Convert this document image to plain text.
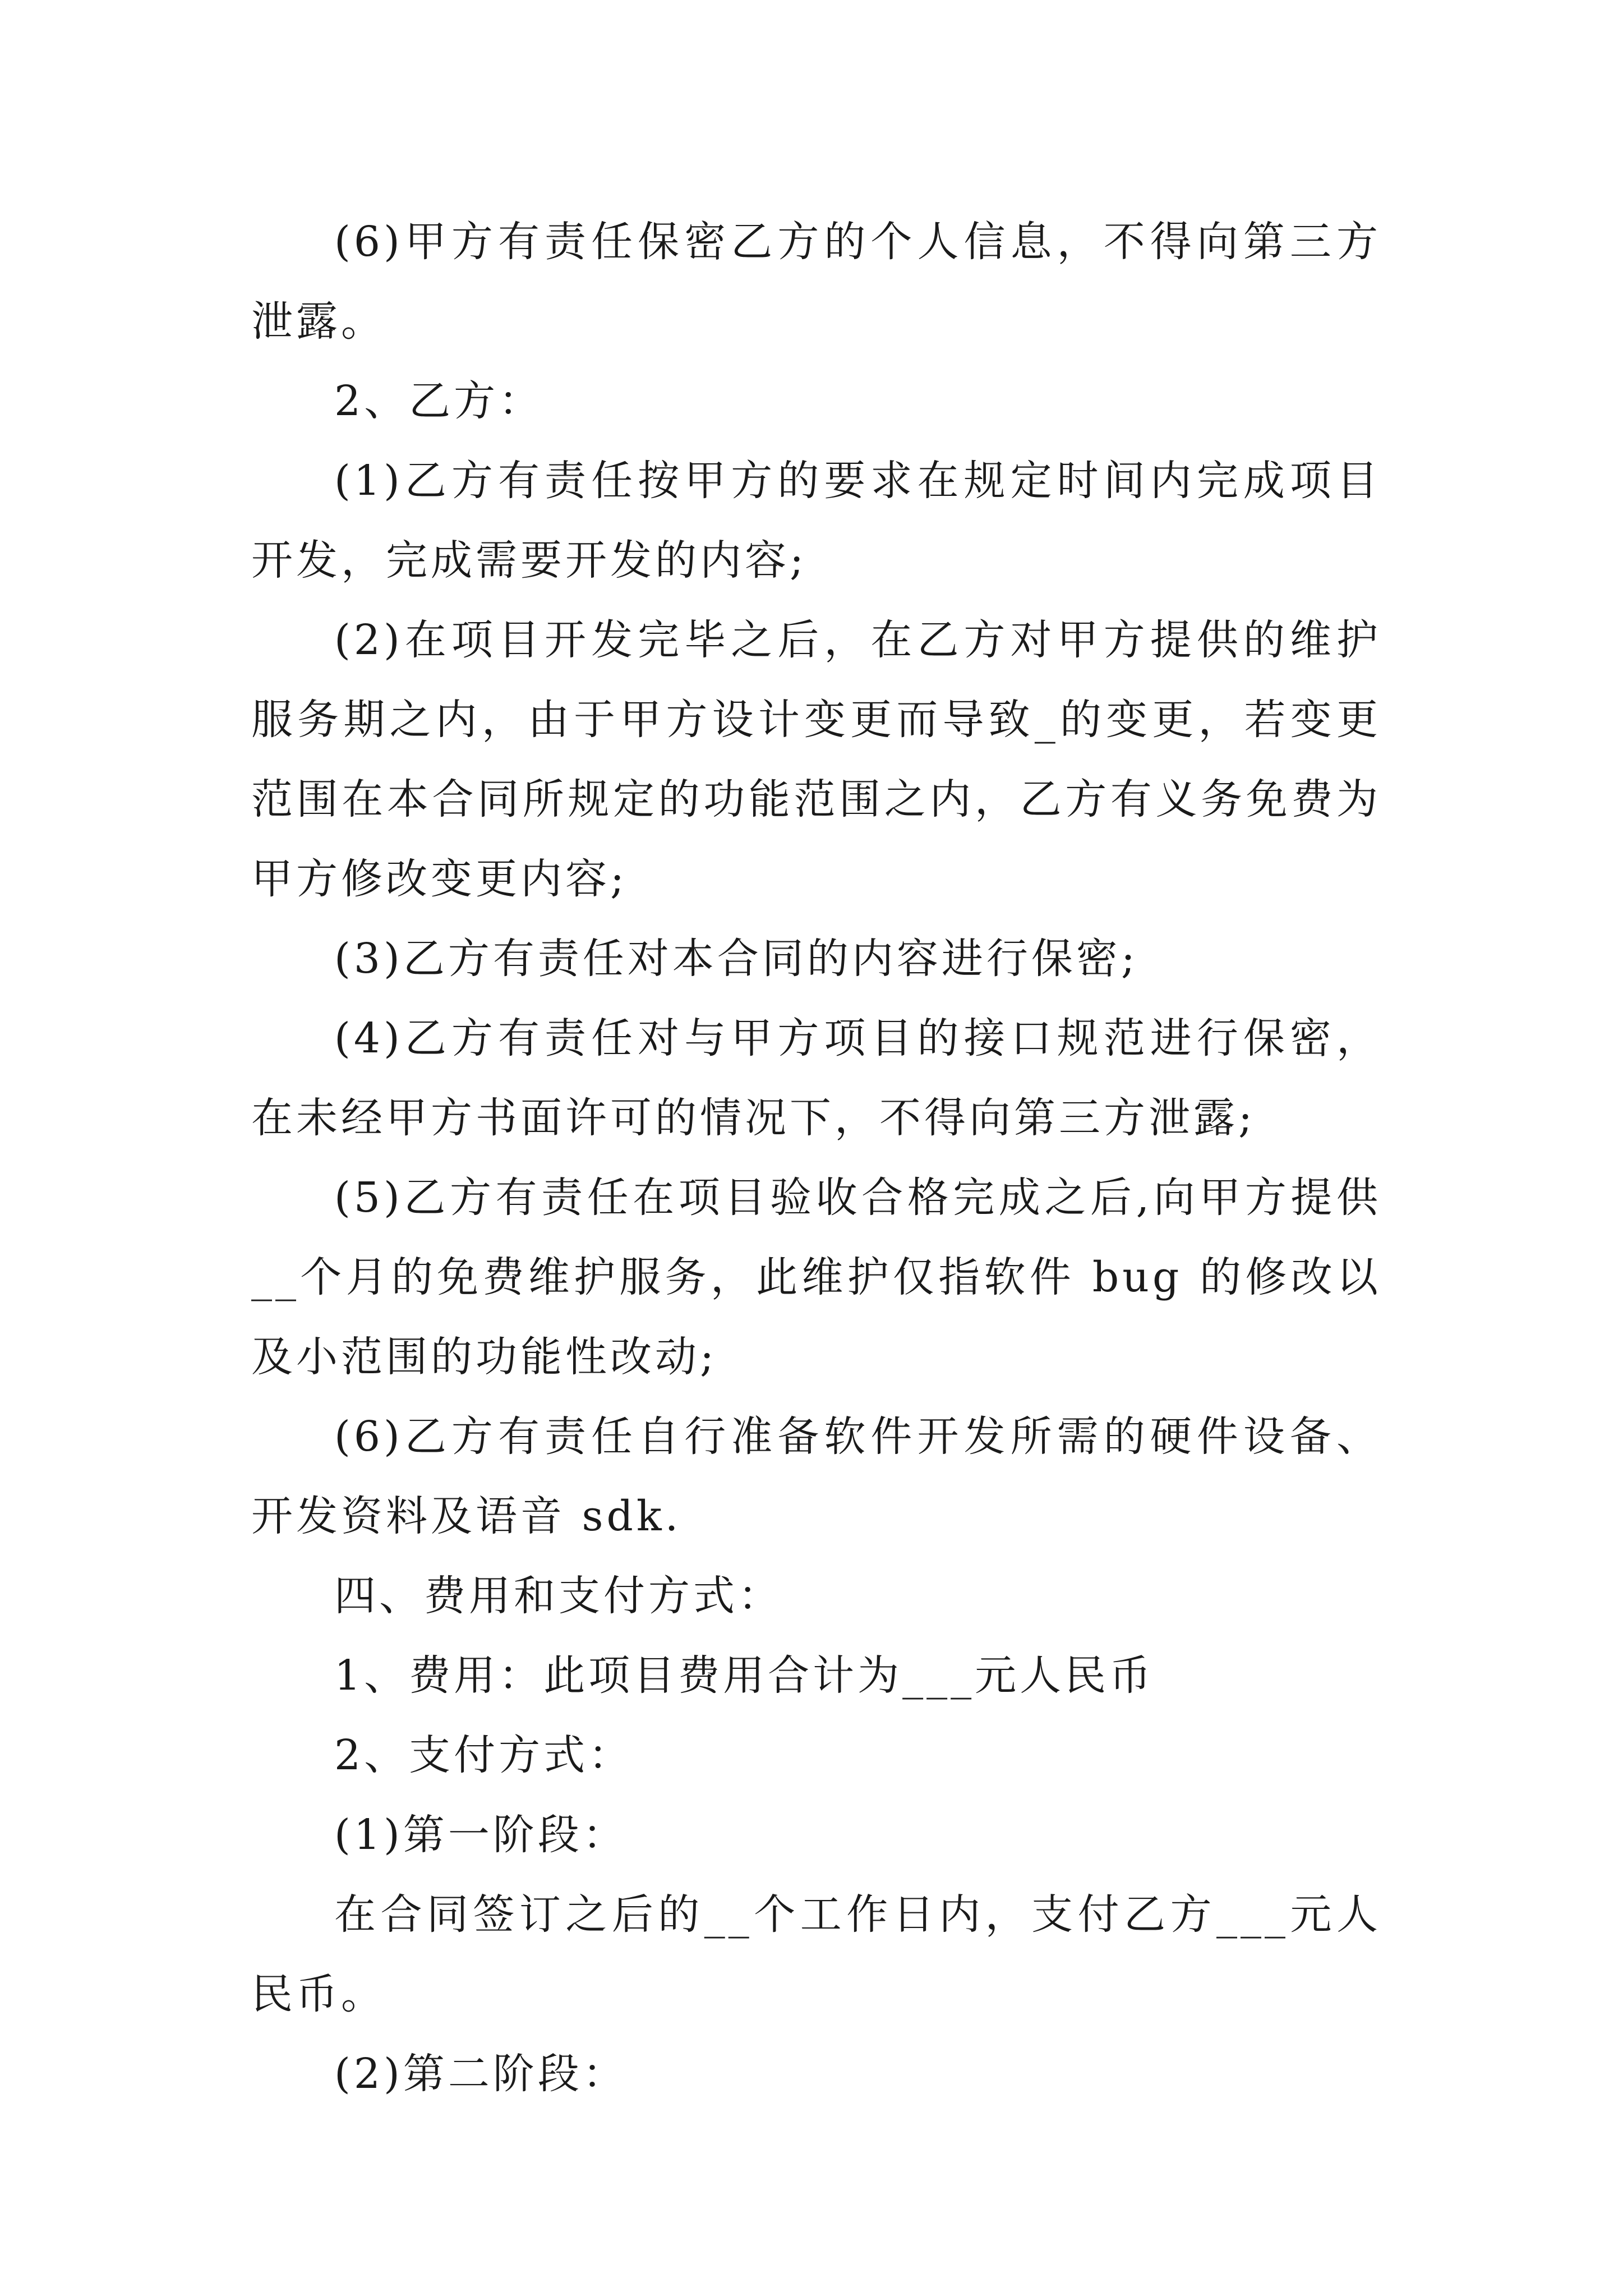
(6)甲方有责任保密乙方的个人信息，不得向第三方泄露。

2、乙方：

(1)乙方有责任按甲方的要求在规定时间内完成项目开发，完成需要开发的内容;

(2)在项目开发完毕之后，在乙方对甲方提供的维护服务期之内，由于甲方设计变更而导致_的变更，若变更范围在本合同所规定的功能范围之内，乙方有义务免费为甲方修改变更内容;

(3)乙方有责任对本合同的内容进行保密;

(4)乙方有责任对与甲方项目的接口规范进行保密，在未经甲方书面许可的情况下，不得向第三方泄露;

(5)乙方有责任在项目验收合格完成之后,向甲方提供__个月的免费维护服务，此维护仅指软件 bug 的修改以及小范围的功能性改动;

(6)乙方有责任自行准备软件开发所需的硬件设备、开发资料及语音 sdk.

四、费用和支付方式：

1、费用：此项目费用合计为___元人民币

2、支付方式：

(1)第一阶段：

在合同签订之后的__个工作日内，支付乙方___元人民币。

(2)第二阶段：
